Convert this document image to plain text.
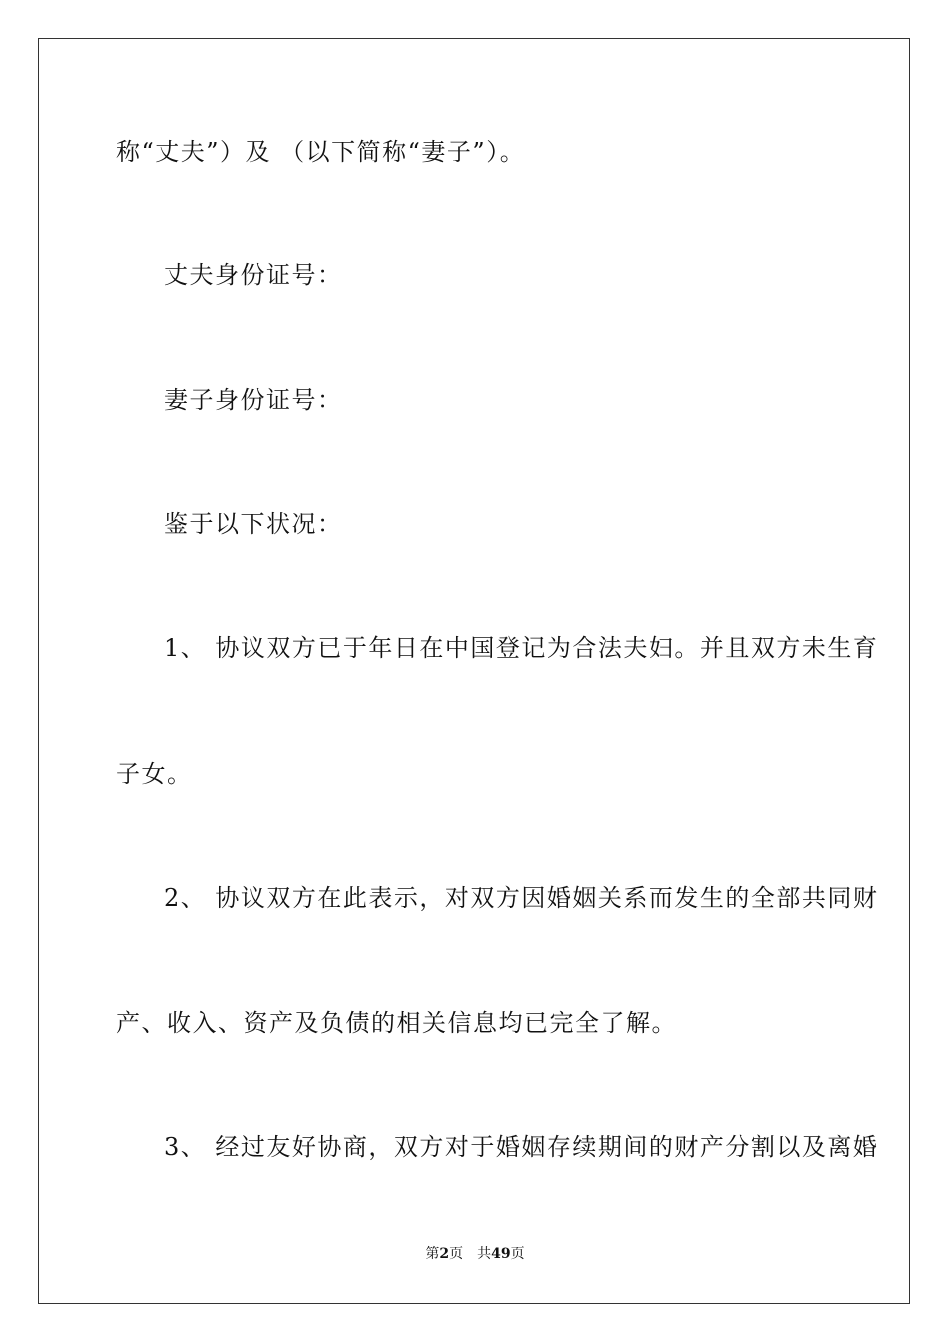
称“丈夫”）及 （以下简称“妻子”）。
丈夫身份证号：
妻子身份证号：
鉴于以下状况：
1、 协议双方已于年日在中国登记为合法夫妇。并且双方未生育
子女。
2、 协议双方在此表示，对双方因婚姻关系而发生的全部共同财
产、收入、资产及负债的相关信息均已完全了解。
3、 经过友好协商，双方对于婚姻存续期间的财产分割以及离婚
第2页 共49页
